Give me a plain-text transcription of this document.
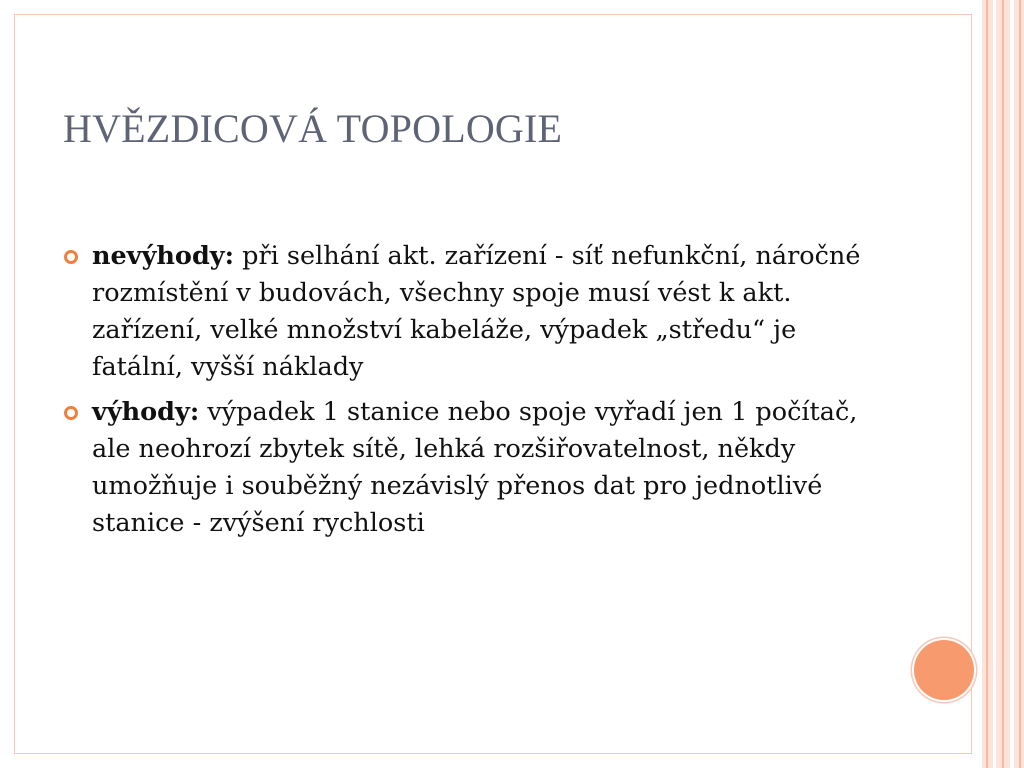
HVĚZDICOVÁ TOPOLOGIE
nevýhody: při selhání akt. zařízení - síť nefunkční, náročné rozmístění v budovách, všechny spoje musí vést k akt. zařízení, velké množství kabeláže, výpadek „středu“ je fatální, vyšší náklady
výhody: výpadek 1 stanice nebo spoje vyřadí jen 1 počítač, ale neohrozí zbytek sítě, lehká rozšiřovatelnost, někdy umožňuje i souběžný nezávislý přenos dat pro jednotlivé stanice - zvýšení rychlosti
